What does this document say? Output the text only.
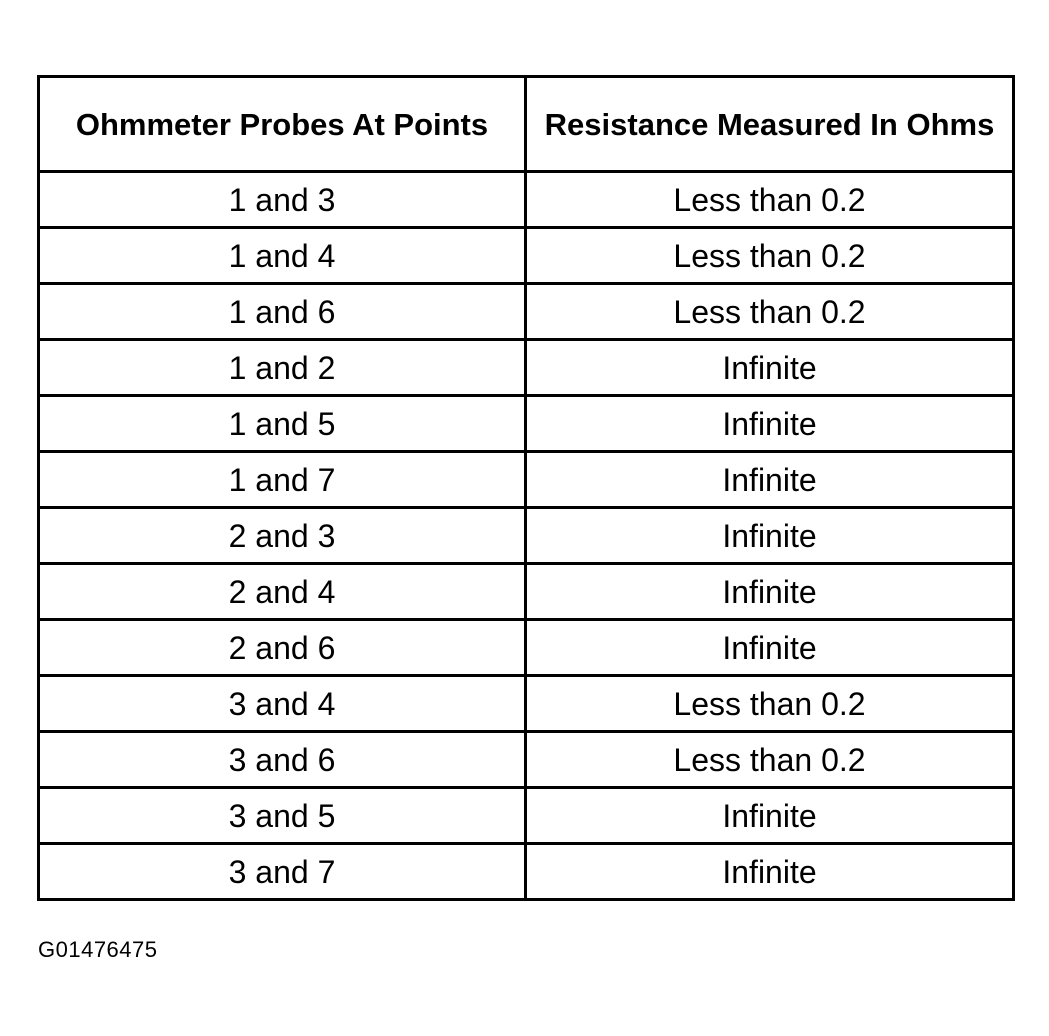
Ohmmeter Probes At Points	Resistance Measured In Ohms
1 and 3	Less than 0.2
1 and 4	Less than 0.2
1 and 6	Less than 0.2
1 and 2	Infinite
1 and 5	Infinite
1 and 7	Infinite
2 and 3	Infinite
2 and 4	Infinite
2 and 6	Infinite
3 and 4	Less than 0.2
3 and 6	Less than 0.2
3 and 5	Infinite
3 and 7	Infinite
G01476475
